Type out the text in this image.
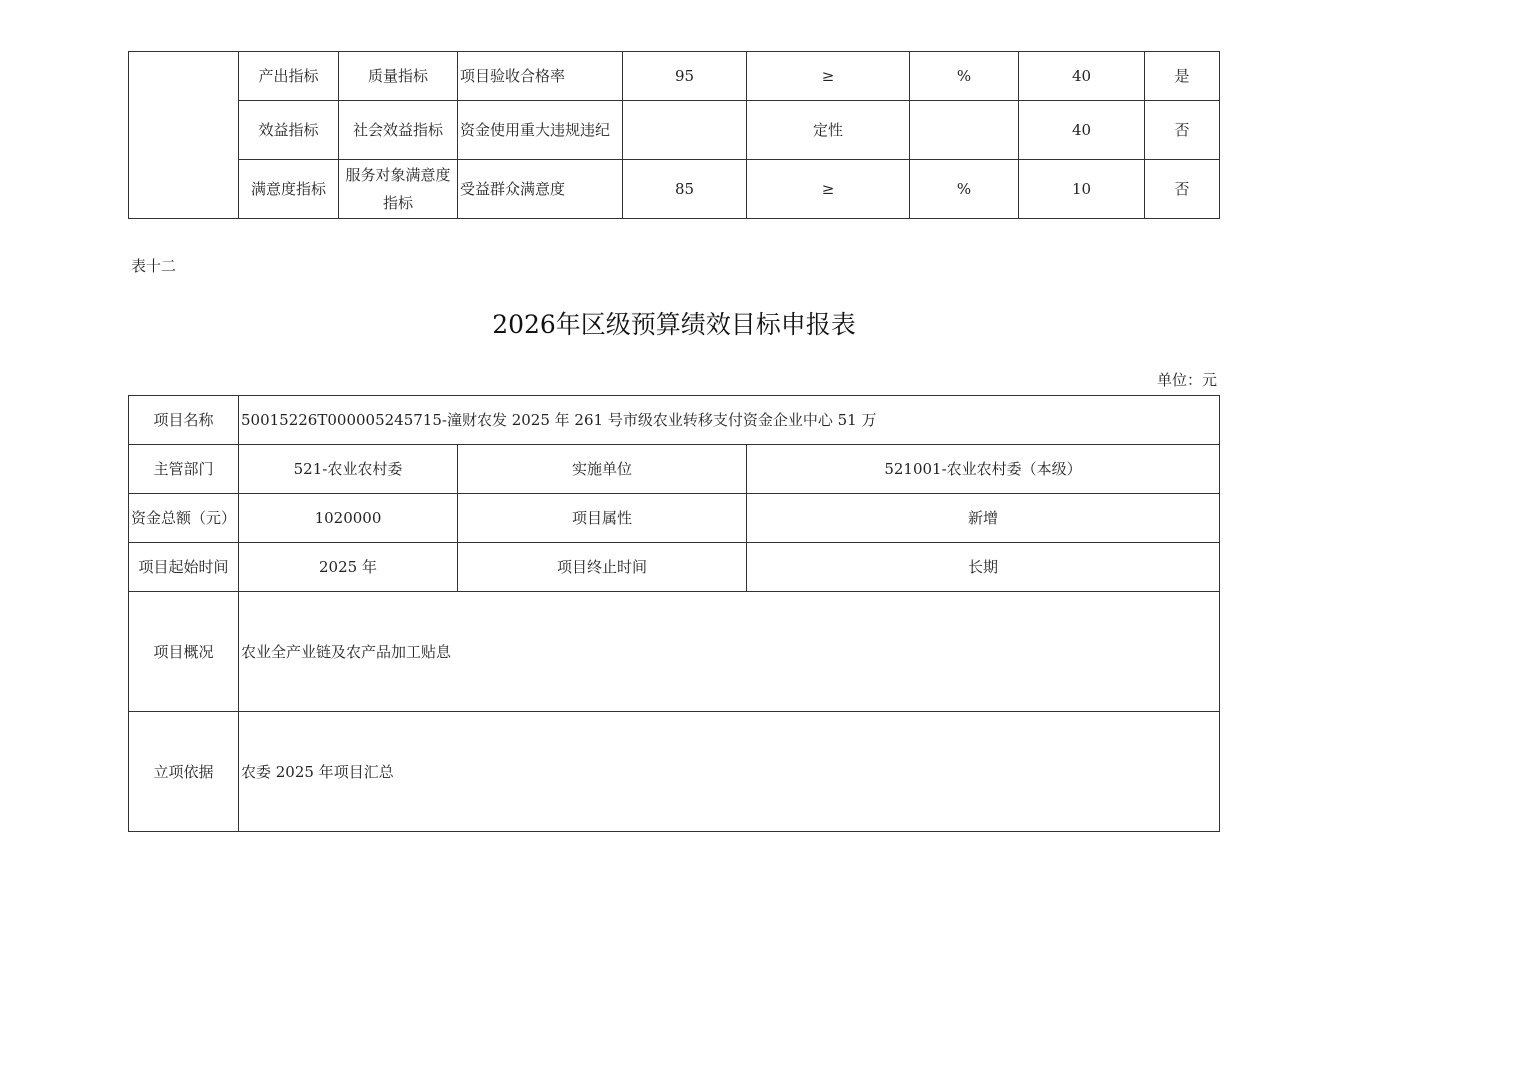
	产出指标	质量指标	项目验收合格率	95	≥	%	40	是
	效益指标	社会效益指标	资金使用重大违规违纪		定性		40	否
	满意度指标	服务对象满意度指标	受益群众满意度	85	≥	%	10	否
表十二
2026年区级预算绩效目标申报表
单位：元
项目名称	50015226T000005245715-潼财农发 2025 年 261 号市级农业转移支付资金企业中心 51 万		
主管部门	521-农业农村委	实施单位	521001-农业农村委（本级）
资金总额（元）	1020000	项目属性	新增
项目起始时间	2025 年	项目终止时间	长期
项目概况	农业全产业链及农产品加工贴息		
立项依据	农委 2025 年项目汇总		
